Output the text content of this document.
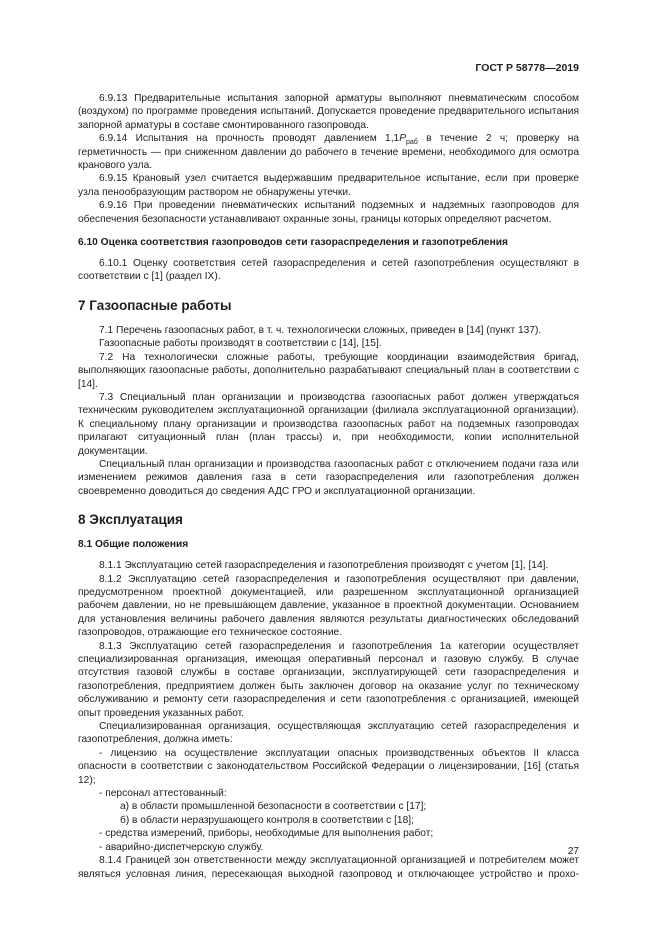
ГОСТ Р 58778—2019

6.9.13 Предварительные испытания запорной арматуры выполняют пневматическим способом (воздухом) по программе проведения испытаний. Допускается проведение предварительного испытания запорной арматуры в составе смонтированного газопровода.

6.9.14 Испытания на прочность проводят давлением $1,1P_{раб}$ в течение 2 ч; проверку на герметичность — при сниженном давлении до рабочего в течение времени, необходимого для осмотра кранового узла.

6.9.15 Крановый узел считается выдержавшим предварительное испытание, если при проверке узла пенообразующим раствором не обнаружены утечки.

6.9.16 При проведении пневматических испытаний подземных и надземных газопроводов для обеспечения безопасности устанавливают охранные зоны, границы которых определяют расчетом.

6.10 Оценка соответствия газопроводов сети газораспределения и газопотребления

6.10.1 Оценку соответствия сетей газораспределения и сетей газопотребления осуществляют в соответствии с [1] (раздел IX).

7 Газоопасные работы

7.1 Перечень газоопасных работ, в т. ч. технологически сложных, приведен в [14] (пункт 137).

Газоопасные работы производят в соответствии с [14], [15].

7.2 На технологически сложные работы, требующие координации взаимодействия бригад, выполняющих газоопасные работы, дополнительно разрабатывают специальный план в соответствии с [14].

7.3 Специальный план организации и производства газоопасных работ должен утверждаться техническим руководителем эксплуатационной организации (филиала эксплуатационной организации). К специальному плану организации и производства газоопасных работ на подземных газопроводах прилагают ситуационный план (план трассы) и, при необходимости, копии исполнительной документации.

Специальный план организации и производства газоопасных работ с отключением подачи газа или изменением режимов давления газа в сети газораспределения или газопотребления должен своевременно доводиться до сведения АДС ГРО и эксплуатационной организации.

8 Эксплуатация
8.1 Общие положения

8.1.1 Эксплуатацию сетей газораспределения и газопотребления производят с учетом [1], [14].

8.1.2 Эксплуатацию сетей газораспределения и газопотребления осуществляют при давлении, предусмотренном проектной документацией, или разрешенном эксплуатационной организацией рабочем давлении, но не превышающем давление, указанное в проектной документации. Основанием для установления величины рабочего давления являются результаты диагностических обследований газопроводов, отражающие его техническое состояние.

8.1.3 Эксплуатацию сетей газораспределения и газопотребления 1а категории осуществляет специализированная организация, имеющая оперативный персонал и газовую службу. В случае отсутствия газовой службы в составе организации, эксплуатирующей сети газораспределения и газопотребления, предприятием должен быть заключен договор на оказание услуг по техническому обслуживанию и ремонту сети газораспределения и сети газопотребления с организацией, имеющей опыт проведения указанных работ.

Специализированная организация, осуществляющая эксплуатацию сетей газораспределения и газопотребления, должна иметь:

- лицензию на осуществление эксплуатации опасных производственных объектов II класса опасности в соответствии с законодательством Российской Федерации о лицензировании, [16] (статья 12);

- персонал аттестованный:

а) в области промышленной безопасности в соответствии с [17];

б) в области неразрушающего контроля в соответствии с [18];

- средства измерений, приборы, необходимые для выполнения работ;

- аварийно-диспетчерскую службу.

8.1.4 Границей зон ответственности между эксплуатационной организацией и потребителем может являться условная линия, пересекающая выходной газопровод и отключающее устройство и прохо-

27
